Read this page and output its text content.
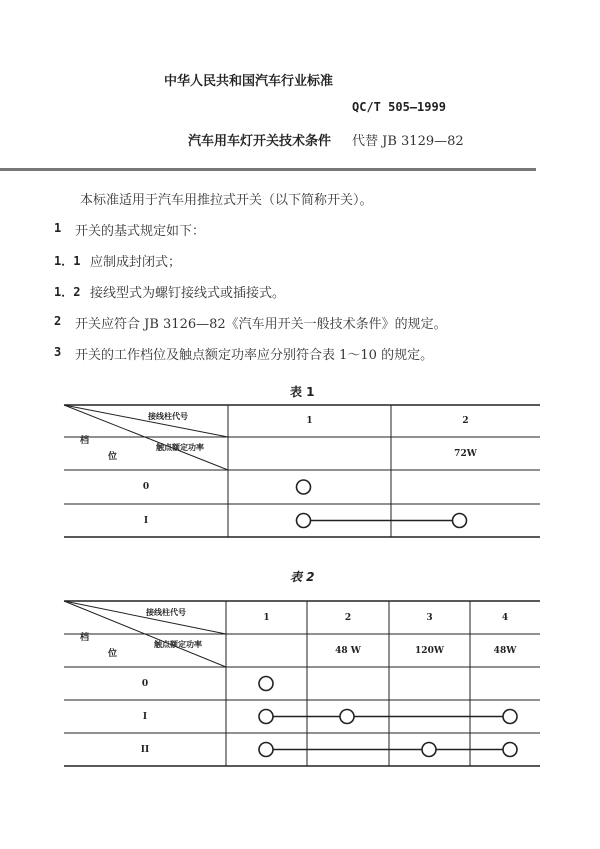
中华人民共和国汽车行业标准
QC/T 505—1999
汽车用车灯开关技术条件 代替 JB 3129—82
本标准适用于汽车用推拉式开关（以下简称开关）。
1 开关的基式规定如下：
1．1 应制成封闭式；
1．2 接线型式为螺钉接线式或插接式。
2 开关应符合 JB 3126—82《汽车用开关一般技术条件》的规定。
3 开关的工作档位及触点额定功率应分别符合表 1～10 的规定。
表 1
表 2
接线柱代号
触点额定功率
档
位
1	2
72W
0
I
接线柱代号
触点额定功率
档
位
1	2
48 W
3
120W
4
48W
0
I
II
